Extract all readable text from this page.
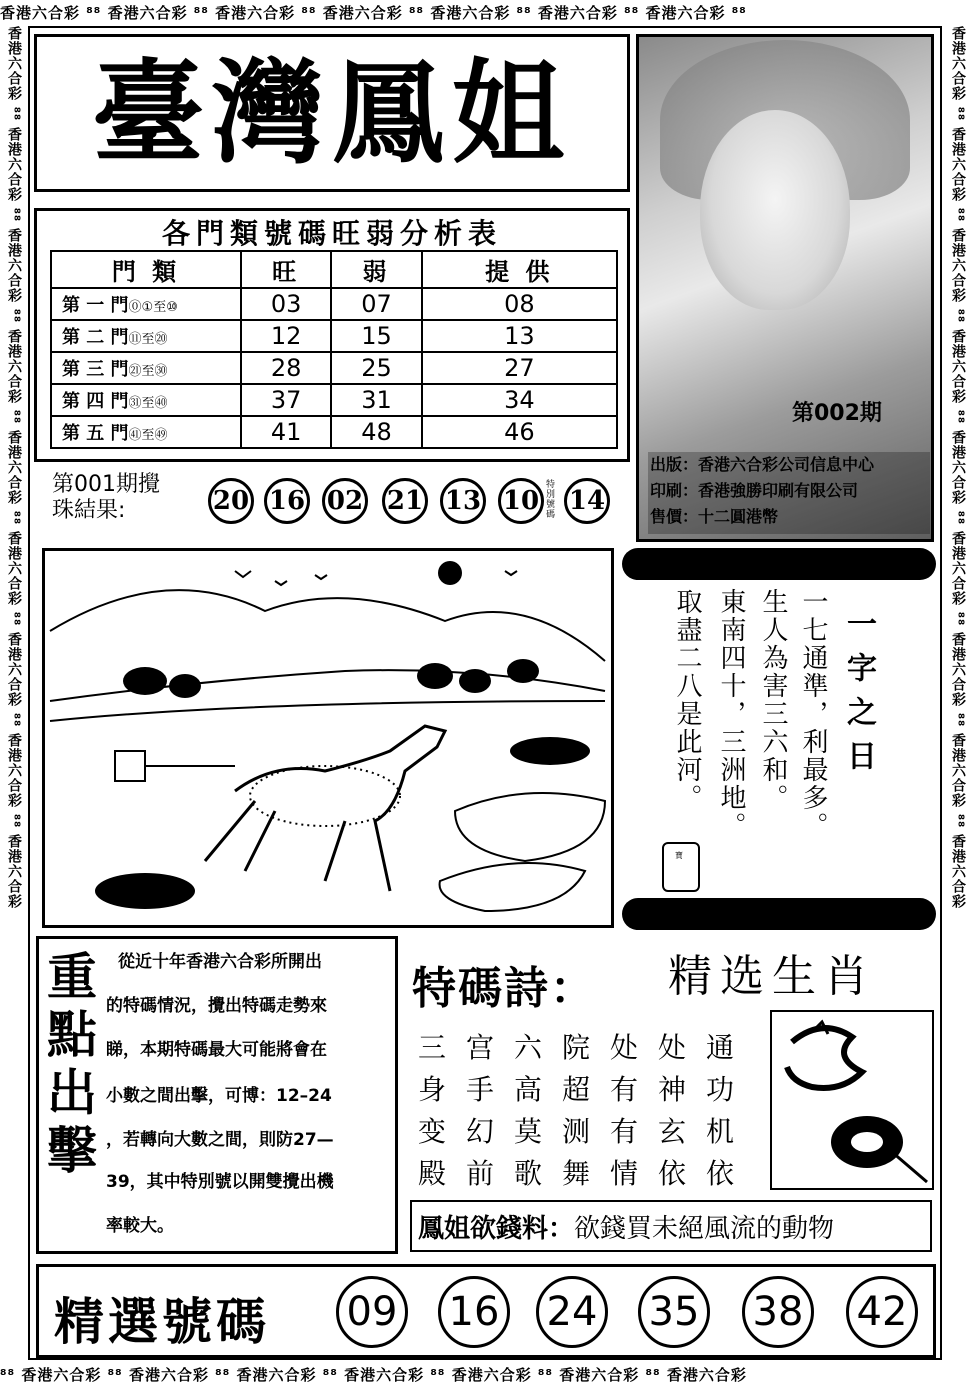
香港六合彩 ⁸⁸ 香港六合彩 ⁸⁸ 香港六合彩 ⁸⁸ 香港六合彩 ⁸⁸ 香港六合彩 ⁸⁸ 香港六合彩 ⁸⁸ 香港六合彩 ⁸⁸
⁸⁸ 香港六合彩 ⁸⁸ 香港六合彩 ⁸⁸ 香港六合彩 ⁸⁸ 香港六合彩 ⁸⁸ 香港六合彩 ⁸⁸ 香港六合彩 ⁸⁸ 香港六合彩
香港六合彩 ⁸⁸ 香港六合彩 ⁸⁸ 香港六合彩 ⁸⁸ 香港六合彩 ⁸⁸ 香港六合彩 ⁸⁸ 香港六合彩 ⁸⁸ 香港六合彩 ⁸⁸ 香港六合彩 ⁸⁸ 香港六合彩	香港六合彩 ⁸⁸ 香港六合彩 ⁸⁸ 香港六合彩 ⁸⁸ 香港六合彩 ⁸⁸ 香港六合彩 ⁸⁸ 香港六合彩 ⁸⁸ 香港六合彩 ⁸⁸ 香港六合彩 ⁸⁸ 香港六合彩
臺灣鳳姐
第002期
出版：香港六合彩公司信息中心
印刷：香港強勝印刷有限公司
售價：十二圓港幣
各門類號碼旺弱分析表
門 類	旺	弱	提 供
第 一 門⓪①至⑩	03	07	08
第 二 門⑪至⑳	12	15	13
第 三 門㉑至㉚	28	25	27
第 四 門㉛至㊵	37	31	34
第 五 門㊶至㊾	41	48	46
第001期攪
珠結果:	20 16 02 21 13 10
特別號碼 14
一字之日
一七通準，利最多。
生人為害三六和。
東南四十，三洲地。
取盡二八是此河。
寶
重點出擊	從近十年香港六合彩所開出
的特碼情況，攪出特碼走勢來
睇，本期特碼最大可能將會在
小數之間出擊，可博：12–24
，若轉向大數之間，則防27—
39，其中特別號以開雙攪出機
率較大。
特碼詩： 精选生肖
三宫六院处处通
身手高超有神功
变幻莫测有玄机
殿前歌舞情依依
鳳姐欲錢料：欲錢買未絕風流的動物
精選號碼 09 16 24 35 38 42
